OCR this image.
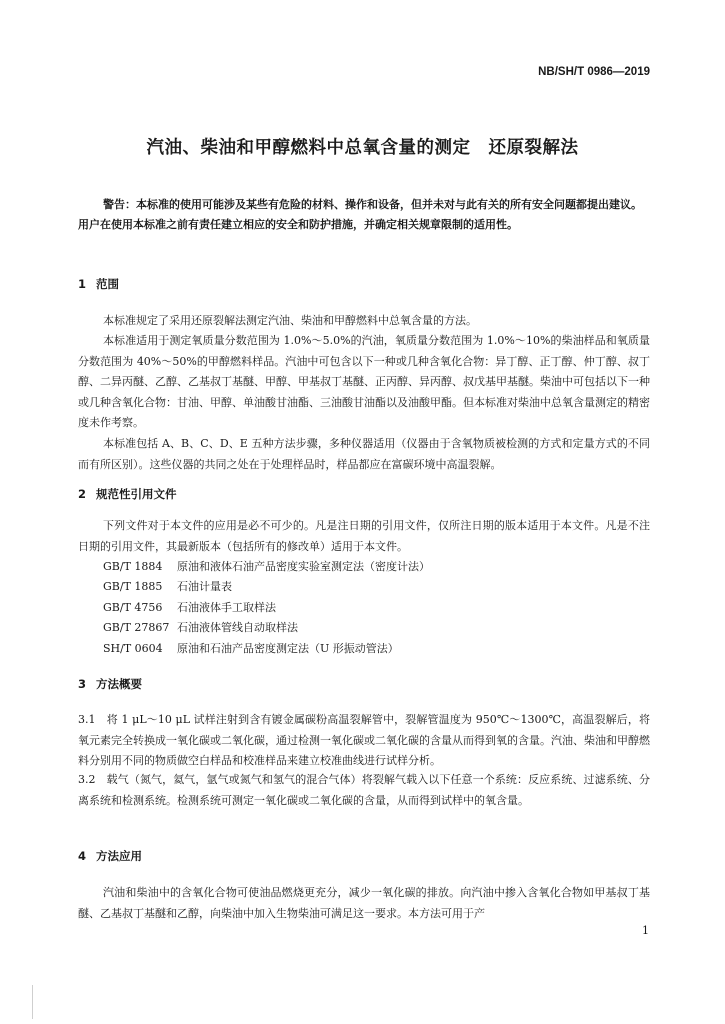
NB/SH/T 0986—2019
汽油、柴油和甲醇燃料中总氧含量的测定　还原裂解法
警告：本标准的使用可能涉及某些有危险的材料、操作和设备，但并未对与此有关的所有安全问题都提出建议。用户在使用本标准之前有责任建立相应的安全和防护措施，并确定相关规章限制的适用性。
1 范围

本标准规定了采用还原裂解法测定汽油、柴油和甲醇燃料中总氧含量的方法。

本标准适用于测定氧质量分数范围为 1.0%～5.0%的汽油，氧质量分数范围为 1.0%～10%的柴油样品和氧质量分数范围为 40%～50%的甲醇燃料样品。汽油中可包含以下一种或几种含氧化合物：异丁醇、正丁醇、仲丁醇、叔丁醇、二异丙醚、乙醇、乙基叔丁基醚、甲醇、甲基叔丁基醚、正丙醇、异丙醇、叔戊基甲基醚。柴油中可包括以下一种或几种含氧化合物：甘油、甲醇、单油酸甘油酯、三油酸甘油酯以及油酸甲酯。但本标准对柴油中总氧含量测定的精密度未作考察。

本标准包括 A、B、C、D、E 五种方法步骤，多种仪器适用（仪器由于含氧物质被检测的方式和定量方式的不同而有所区别）。这些仪器的共同之处在于处理样品时，样品都应在富碳环境中高温裂解。

2 规范性引用文件

下列文件对于本文件的应用是必不可少的。凡是注日期的引用文件，仅所注日期的版本适用于本文件。凡是不注日期的引用文件，其最新版本（包括所有的修改单）适用于本文件。

GB/T 1884 原油和液体石油产品密度实验室测定法（密度计法）
GB/T 1885 石油计量表
GB/T 4756 石油液体手工取样法
GB/T 27867 石油液体管线自动取样法
SH/T 0604 原油和石油产品密度测定法（U 形振动管法）
3 方法概要

3.1　将 1 μL～10 μL 试样注射到含有镀金属碳粉高温裂解管中，裂解管温度为 950℃～1300℃，高温裂解后，将氧元素完全转换成一氧化碳或二氧化碳，通过检测一氧化碳或二氧化碳的含量从而得到氧的含量。汽油、柴油和甲醇燃料分别用不同的物质做空白样品和校准样品来建立校准曲线进行试样分析。

3.2　载气（氮气，氦气，氩气或氮气和氢气的混合气体）将裂解气载入以下任意一个系统：反应系统、过滤系统、分离系统和检测系统。检测系统可测定一氧化碳或二氧化碳的含量，从而得到试样中的氧含量。

4 方法应用

汽油和柴油中的含氧化合物可使油品燃烧更充分，减少一氧化碳的排放。向汽油中掺入含氧化合物如甲基叔丁基醚、乙基叔丁基醚和乙醇，向柴油中加入生物柴油可满足这一要求。本方法可用于产

1
